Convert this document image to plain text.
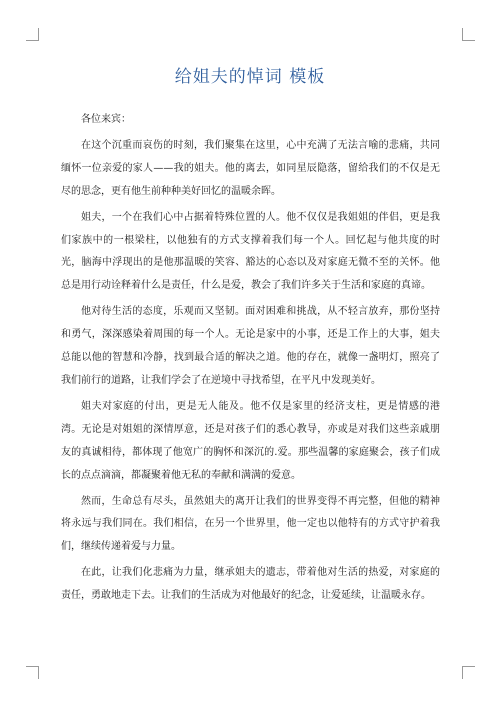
给姐夫的悼词 模板

各位来宾：

在这个沉重而哀伤的时刻，我们聚集在这里，心中充满了无法言喻的悲痛，共同缅怀一位亲爱的家人——我的姐夫。他的离去，如同星辰隐落，留给我们的不仅是无尽的思念，更有他生前种种美好回忆的温暖余晖。

姐夫，一个在我们心中占据着特殊位置的人。他不仅仅是我姐姐的伴侣，更是我们家族中的一根梁柱，以他独有的方式支撑着我们每一个人。回忆起与他共度的时光，脑海中浮现出的是他那温暖的笑容、豁达的心态以及对家庭无微不至的关怀。他总是用行动诠释着什么是责任，什么是爱，教会了我们许多关于生活和家庭的真谛。

他对待生活的态度，乐观而又坚韧。面对困难和挑战，从不轻言放弃，那份坚持和勇气，深深感染着周围的每一个人。无论是家中的小事，还是工作上的大事，姐夫总能以他的智慧和冷静，找到最合适的解决之道。他的存在，就像一盏明灯，照亮了我们前行的道路，让我们学会了在逆境中寻找希望，在平凡中发现美好。

姐夫对家庭的付出，更是无人能及。他不仅是家里的经济支柱，更是情感的港湾。无论是对姐姐的深情厚意，还是对孩子们的悉心教导，亦或是对我们这些亲戚朋友的真诚相待，都体现了他宽广的胸怀和深沉的.爱。那些温馨的家庭聚会，孩子们成长的点点滴滴，都凝聚着他无私的奉献和满满的爱意。

然而，生命总有尽头，虽然姐夫的离开让我们的世界变得不再完整，但他的精神将永远与我们同在。我们相信，在另一个世界里，他一定也以他特有的方式守护着我们，继续传递着爱与力量。

在此，让我们化悲痛为力量，继承姐夫的遗志，带着他对生活的热爱，对家庭的责任，勇敢地走下去。让我们的生活成为对他最好的纪念，让爱延续，让温暖永存。
